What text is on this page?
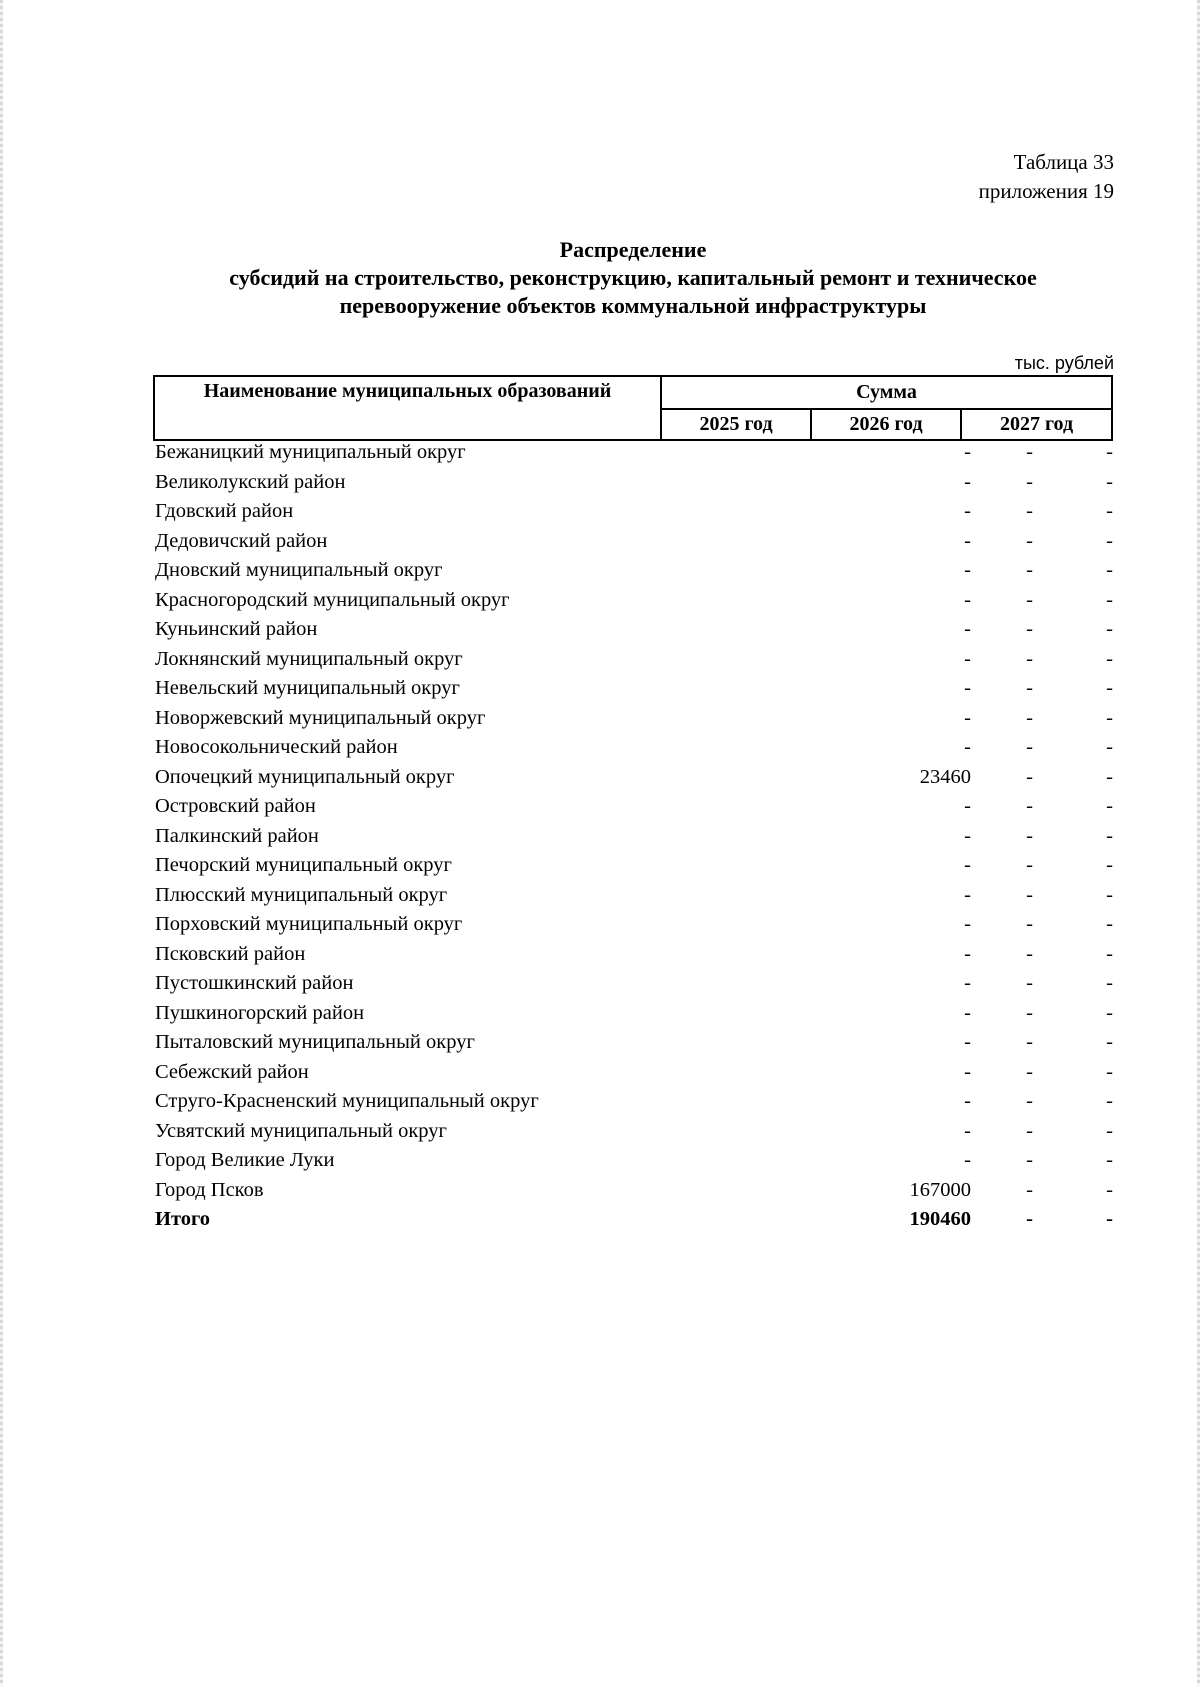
Таблица 33
приложения 19
Распределение
субсидий на строительство, реконструкцию, капитальный ремонт и техническое
перевооружение объектов коммунальной инфраструктуры
тыс. рублей
Наименование муниципальных образований	Сумма
2025 год	2026 год	2027 год
Бежаницкий муниципальный округ	-	-	-
Великолукский район	-	-	-
Гдовский район	-	-	-
Дедовичский район	-	-	-
Дновский муниципальный округ	-	-	-
Красногородский муниципальный округ	-	-	-
Куньинский район	-	-	-
Локнянский муниципальный округ	-	-	-
Невельский муниципальный округ	-	-	-
Новоржевский муниципальный округ	-	-	-
Новосокольнический район	-	-	-
Опочецкий муниципальный округ	23460	-	-
Островский район	-	-	-
Палкинский район	-	-	-
Печорский муниципальный округ	-	-	-
Плюсский муниципальный округ	-	-	-
Порховский муниципальный округ	-	-	-
Псковский район	-	-	-
Пустошкинский район	-	-	-
Пушкиногорский район	-	-	-
Пыталовский муниципальный округ	-	-	-
Себежский район	-	-	-
Струго-Красненский муниципальный округ	-	-	-
Усвятский муниципальный округ	-	-	-
Город Великие Луки	-	-	-
Город Псков	167000	-	-
Итого	190460	-	-
